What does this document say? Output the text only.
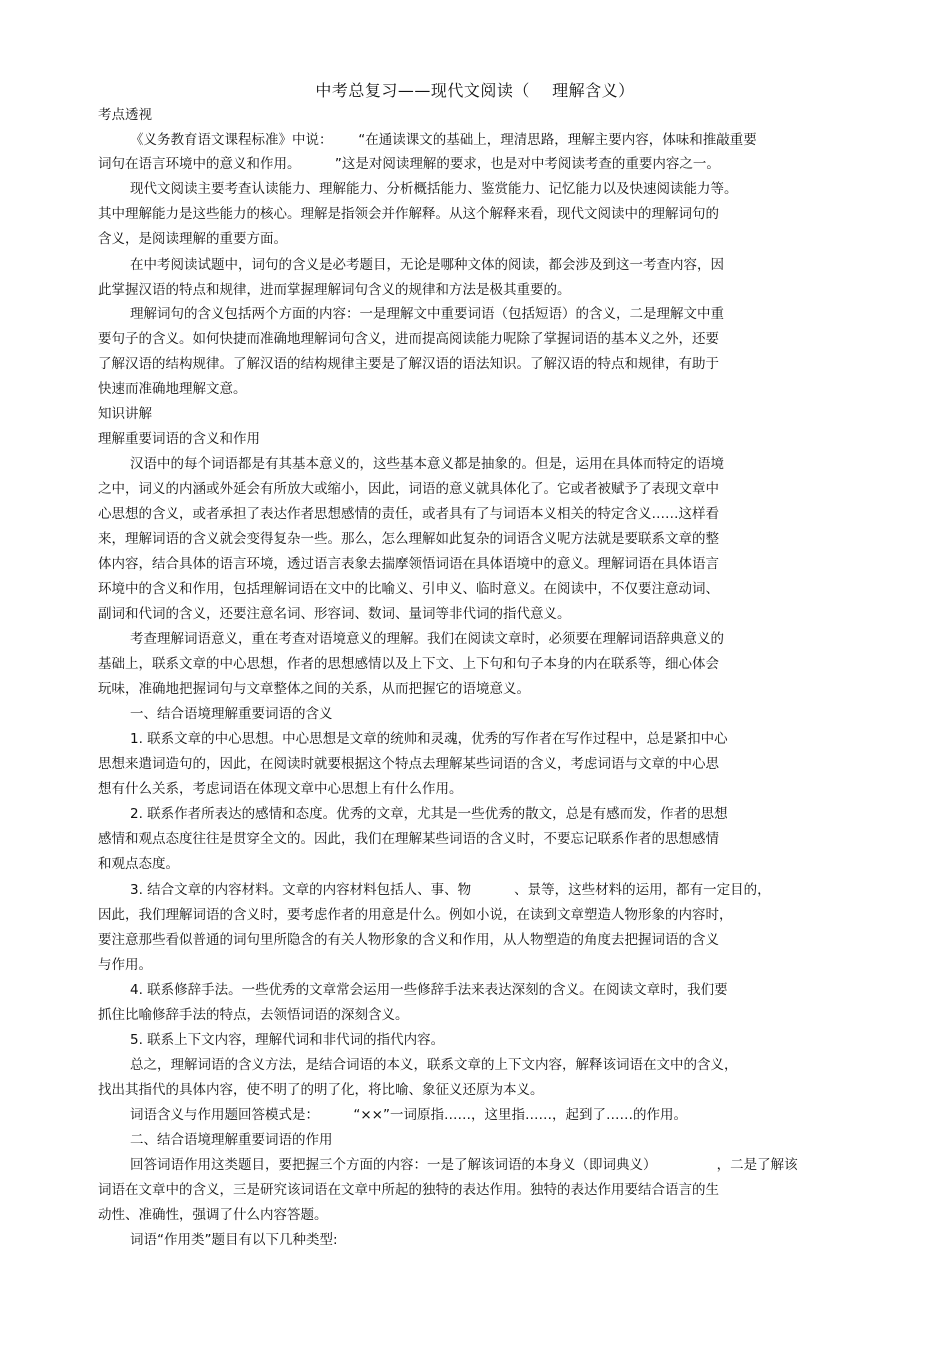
中考总复习——现代文阅读（    理解含义）
考点透视
《义务教育语文课程标准》中说：      “在通读课文的基础上，理清思路，理解主要内容，体味和推敲重要
词句在语言环境中的意义和作用。        ”这是对阅读理解的要求，也是对中考阅读考查的重要内容之一。
现代文阅读主要考查认读能力、理解能力、分析概括能力、鉴赏能力、记忆能力以及快速阅读能力等。
其中理解能力是这些能力的核心。理解是指领会并作解释。从这个解释来看，现代文阅读中的理解词句的
含义，是阅读理解的重要方面。
在中考阅读试题中，词句的含义是必考题目，无论是哪种文体的阅读，都会涉及到这一考查内容，因
此掌握汉语的特点和规律，进而掌握理解词句含义的规律和方法是极其重要的。
理解词句的含义包括两个方面的内容：一是理解文中重要词语（包括短语）的含义，二是理解文中重
要句子的含义。如何快捷而准确地理解词句含义，进而提高阅读能力呢除了掌握词语的基本义之外，还要
了解汉语的结构规律。了解汉语的结构规律主要是了解汉语的语法知识。了解汉语的特点和规律，有助于
快速而准确地理解文意。
知识讲解
理解重要词语的含义和作用
汉语中的每个词语都是有其基本意义的，这些基本意义都是抽象的。但是，运用在具体而特定的语境
之中，词义的内涵或外延会有所放大或缩小，因此，词语的意义就具体化了。它或者被赋予了表现文章中
心思想的含义，或者承担了表达作者思想感情的责任，或者具有了与词语本义相关的特定含义……这样看
来，理解词语的含义就会变得复杂一些。那么，怎么理解如此复杂的词语含义呢方法就是要联系文章的整
体内容，结合具体的语言环境，透过语言表象去揣摩领悟词语在具体语境中的意义。理解词语在具体语言
环境中的含义和作用，包括理解词语在文中的比喻义、引申义、临时意义。在阅读中，不仅要注意动词、
副词和代词的含义，还要注意名词、形容词、数词、量词等非代词的指代意义。
考查理解词语意义，重在考查对语境意义的理解。我们在阅读文章时，必须要在理解词语辞典意义的
基础上，联系文章的中心思想，作者的思想感情以及上下文、上下句和句子本身的内在联系等，细心体会
玩味，准确地把握词句与文章整体之间的关系，从而把握它的语境意义。
一、结合语境理解重要词语的含义
1. 联系文章的中心思想。中心思想是文章的统帅和灵魂，优秀的写作者在写作过程中，总是紧扣中心
思想来遣词造句的，因此，在阅读时就要根据这个特点去理解某些词语的含义，考虑词语与文章的中心思
想有什么关系，考虑词语在体现文章中心思想上有什么作用。
2. 联系作者所表达的感情和态度。优秀的文章，尤其是一些优秀的散文，总是有感而发，作者的思想
感情和观点态度往往是贯穿全文的。因此，我们在理解某些词语的含义时，不要忘记联系作者的思想感情
和观点态度。
3. 结合文章的内容材料。文章的内容材料包括人、事、物          、景等，这些材料的运用，都有一定目的，
因此，我们理解词语的含义时，要考虑作者的用意是什么。例如小说，在读到文章塑造人物形象的内容时，
要注意那些看似普通的词句里所隐含的有关人物形象的含义和作用，从人物塑造的角度去把握词语的含义
与作用。
4. 联系修辞手法。一些优秀的文章常会运用一些修辞手法来表达深刻的含义。在阅读文章时，我们要
抓住比喻修辞手法的特点，去领悟词语的深刻含义。
5. 联系上下文内容，理解代词和非代词的指代内容。
总之，理解词语的含义方法，是结合词语的本义，联系文章的上下文内容，解释该词语在文中的含义，
找出其指代的具体内容，使不明了的明了化，将比喻、象征义还原为本义。
词语含义与作用题回答模式是：        “××”一词原指……，这里指……，起到了……的作用。
二、结合语境理解重要词语的作用
回答词语作用这类题目，要把握三个方面的内容：一是了解该词语的本身义（即词典义）              ，二是了解该
词语在文章中的含义，三是研究该词语在文章中所起的独特的表达作用。独特的表达作用要结合语言的生
动性、准确性，强调了什么内容答题。
词语“作用类”题目有以下几种类型:
